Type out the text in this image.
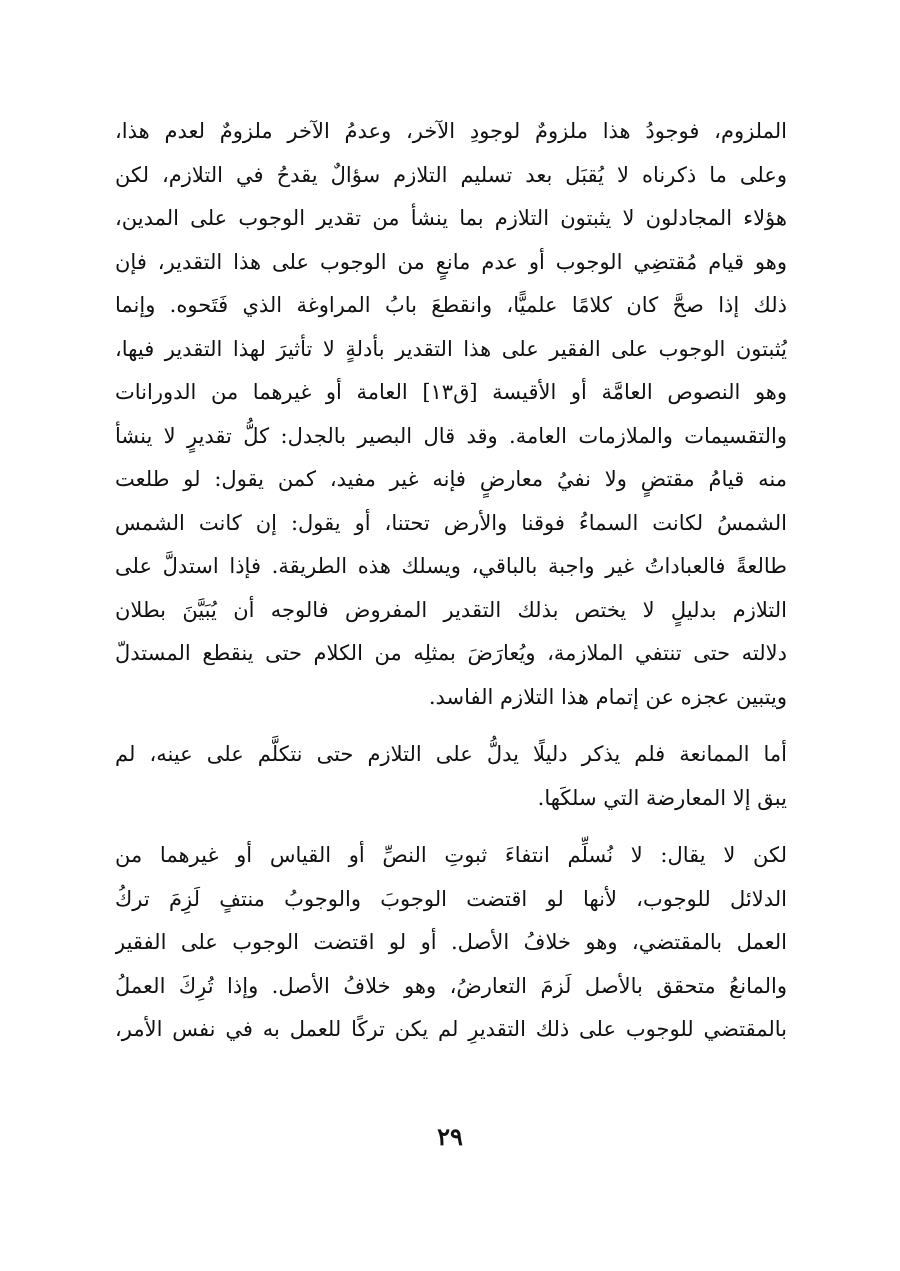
الملزوم، فوجودُ هذا ملزومٌ لوجودِ الآخر، وعدمُ الآخر ملزومٌ لعدم هذا،
وعلى ما ذكرناه لا يُقبَل بعد تسليم التلازم سؤالٌ يقدحُ في التلازم، لكن
هؤلاء المجادلون لا يثبتون التلازم بما ينشأ من تقدير الوجوب على المدين،
وهو قيام مُقتضِي الوجوب أو عدم مانعٍ من الوجوب على هذا التقدير، فإن
ذلك إذا صحَّ كان كلامًا علميًّا، وانقطعَ بابُ المراوغة الذي فَتَحوه. وإنما
يُثبتون الوجوب على الفقير على هذا التقدير بأدلةٍ لا تأثيرَ لهذا التقدير فيها،
وهو النصوص العامَّة أو الأقيسة [ق١٣] العامة أو غيرهما من الدورانات
والتقسيمات والملازمات العامة. وقد قال البصير بالجدل: كلُّ تقديرٍ لا ينشأ
منه قيامُ مقتضٍ ولا نفيُ معارضٍ فإنه غير مفيد، كمن يقول: لو طلعت
الشمسُ لكانت السماءُ فوقنا والأرض تحتنا، أو يقول: إن كانت الشمس
طالعةً فالعباداتُ غير واجبة بالباقي، ويسلك هذه الطريقة. فإذا استدلَّ على
التلازم بدليلٍ لا يختص بذلك التقدير المفروض فالوجه أن يُبَيَّنَ بطلان
دلالته حتى تنتفي الملازمة، ويُعارَضَ بمثلِه من الكلام حتى ينقطع المستدلّ
ويتبين عجزه عن إتمام هذا التلازم الفاسد.
أما الممانعة فلم يذكر دليلًا يدلُّ على التلازم حتى نتكلَّم على عينه، لم
يبق إلا المعارضة التي سلكَها.
لكن لا يقال: لا نُسلِّم انتفاءَ ثبوتِ النصِّ أو القياس أو غيرهما من
الدلائل للوجوب، لأنها لو اقتضت الوجوبَ والوجوبُ منتفٍ لَزِمَ تركُ
العمل بالمقتضي، وهو خلافُ الأصل. أو لو اقتضت الوجوب على الفقير
والمانعُ متحقق بالأصل لَزمَ التعارضُ، وهو خلافُ الأصل. وإذا تُرِكَ العملُ
بالمقتضي للوجوب على ذلك التقديرِ لم يكن تركًا للعمل به في نفس الأمر،
٢٩
